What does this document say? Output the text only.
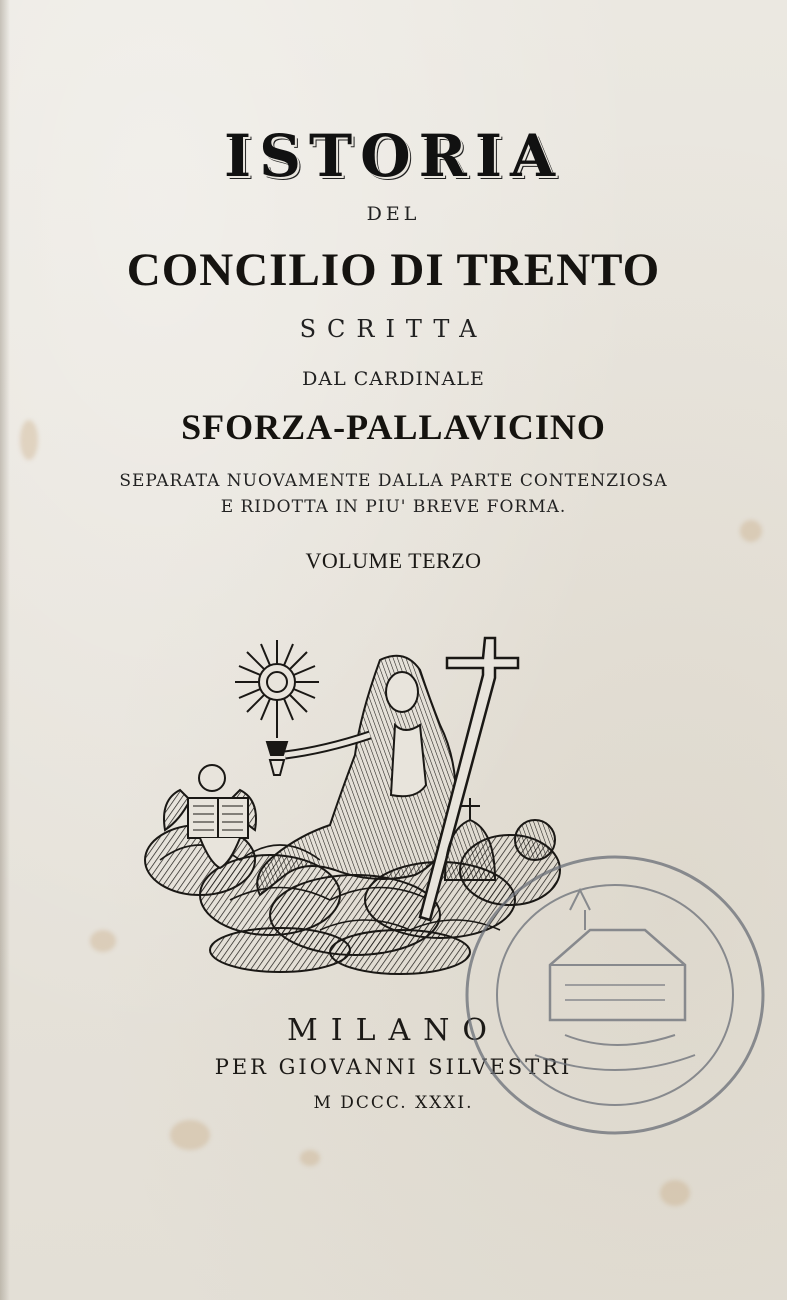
ISTORIA
DEL
CONCILIO DI TRENTO
SCRITTA
DAL CARDINALE
SFORZA-PALLAVICINO
SEPARATA NUOVAMENTE DALLA PARTE CONTENZIOSA
E RIDOTTA IN PIU' BREVE FORMA.
VOLUME TERZO
MILANO
PER GIOVANNI SILVESTRI
M DCCC. XXXI.
